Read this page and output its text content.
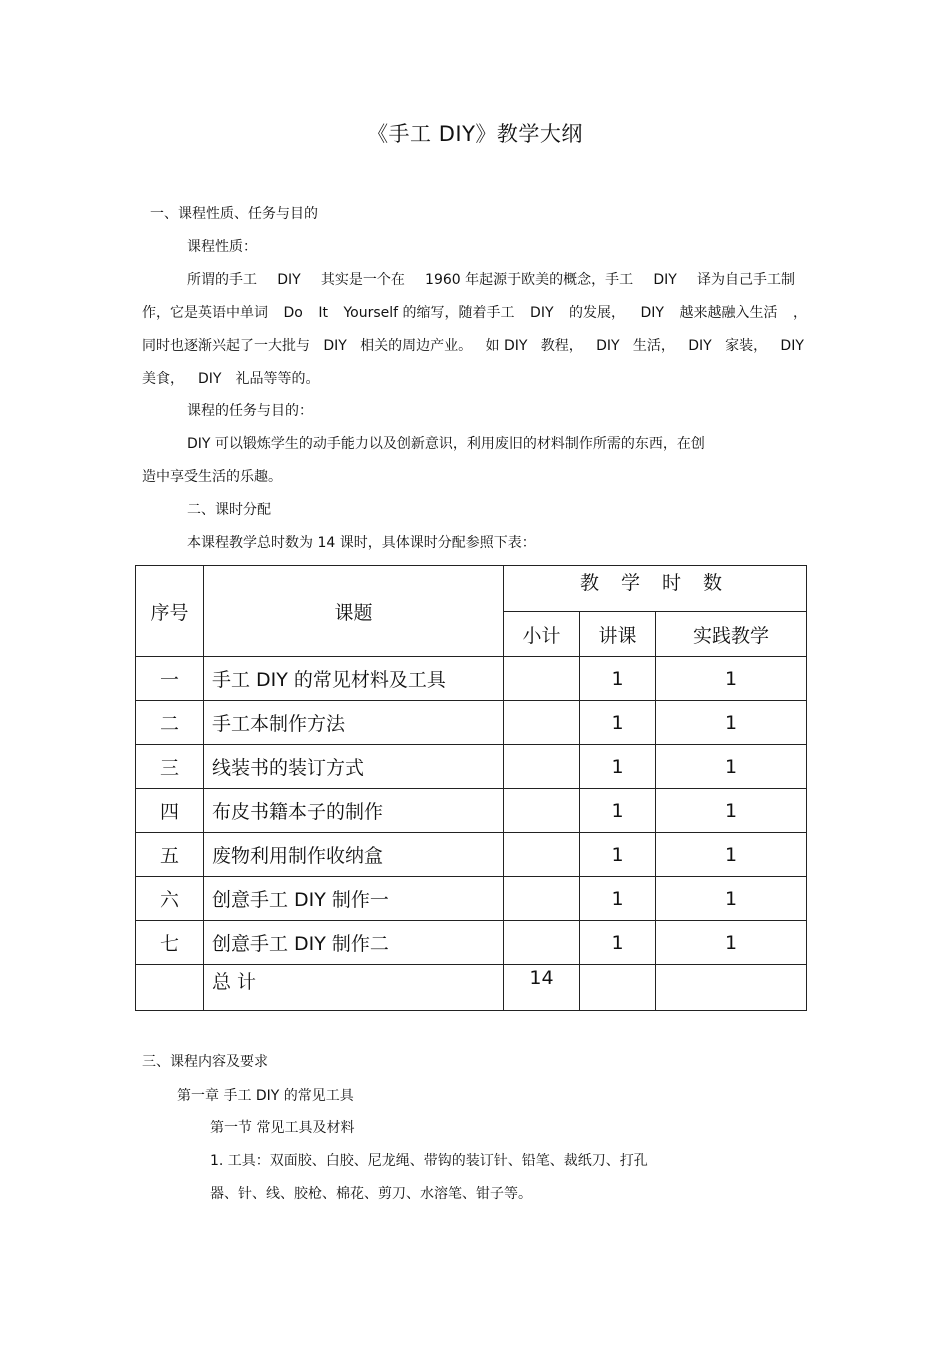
《手工 DIY》教学大纲
一、课程性质、任务与目的
课程性质：
所谓的手工 DIY 其实是一个在 1960 年起源于欧美的概念，手工 DIY 译为自己手工制
作，它是英语中单词 Do It Yourself 的缩写，随着手工 DIY 的发展， DIY 越来越融入生活 ，
同时也逐渐兴起了一大批与 DIY 相关的周边产业。 如 DIY 教程， DIY 生活， DIY 家装， DIY
美食， DIY 礼品等等的。
课程的任务与目的：
DIY 可以锻炼学生的动手能力以及创新意识，利用废旧的材料制作所需的东西，在创
造中享受生活的乐趣。
二、课时分配
本课程教学总时数为 14 课时，具体课时分配参照下表：
序号	课题	教 学 时 数		
		小计	讲课	实践教学
一	手工 DIY 的常见材料及工具		1	1
二	手工本制作方法		1	1
三	线装书的装订方式		1	1
四	布皮书籍本子的制作		1	1
五	废物利用制作收纳盒		1	1
六	创意手工 DIY 制作一		1	1
七	创意手工 DIY 制作二		1	1
	总 计	14		
三、课程内容及要求
第一章 手工 DIY 的常见工具
第一节 常见工具及材料
1. 工具：双面胶、白胶、尼龙绳、带钩的装订针、铅笔、裁纸刀、打孔
器、针、线、胶枪、棉花、剪刀、水溶笔、钳子等。
